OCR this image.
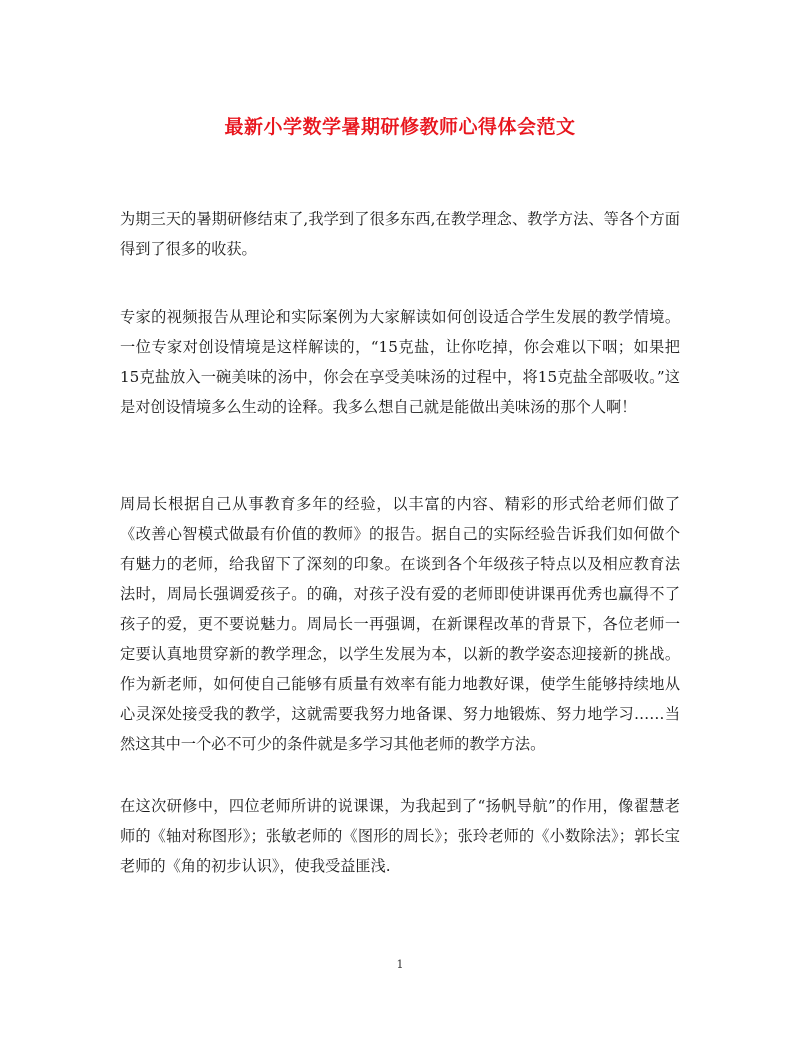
最新小学数学暑期研修教师心得体会范文

为期三天的暑期研修结束了,我学到了很多东西,在教学理念、教学方法、等各个方面得到了很多的收获。

专家的视频报告从理论和实际案例为大家解读如何创设适合学生发展的教学情境。一位专家对创设情境是这样解读的，“15克盐，让你吃掉，你会难以下咽；如果把15克盐放入一碗美味的汤中，你会在享受美味汤的过程中，将15克盐全部吸收。”这是对创设情境多么生动的诠释。我多么想自己就是能做出美味汤的那个人啊！

周局长根据自己从事教育多年的经验，以丰富的内容、精彩的形式给老师们做了《改善心智模式做最有价值的教师》的报告。据自己的实际经验告诉我们如何做个有魅力的老师，给我留下了深刻的印象。在谈到各个年级孩子特点以及相应教育法法时，周局长强调爱孩子。的确，对孩子没有爱的老师即使讲课再优秀也赢得不了孩子的爱，更不要说魅力。周局长一再强调，在新课程改革的背景下，各位老师一定要认真地贯穿新的教学理念，以学生发展为本，以新的教学姿态迎接新的挑战。作为新老师，如何使自己能够有质量有效率有能力地教好课，使学生能够持续地从心灵深处接受我的教学，这就需要我努力地备课、努力地锻炼、努力地学习……当然这其中一个必不可少的条件就是多学习其他老师的教学方法。

在这次研修中，四位老师所讲的说课课，为我起到了“扬帆导航”的作用，像翟慧老师的《轴对称图形》；张敏老师的《图形的周长》；张玲老师的《小数除法》；郭长宝老师的《角的初步认识》，使我受益匪浅.

1
